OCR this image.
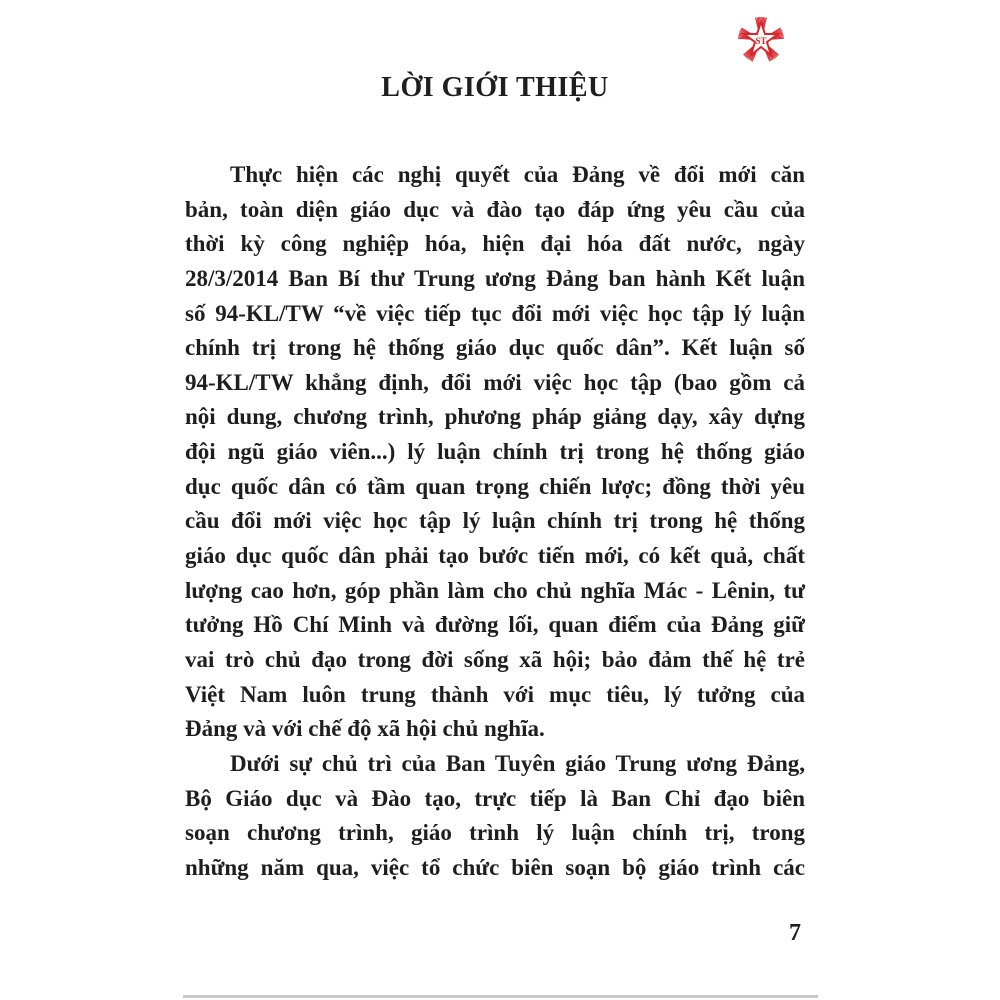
ST
LỜI GIỚI THIỆU
Thực hiện các nghị quyết của Đảng về đổi mới căn
bản, toàn diện giáo dục và đào tạo đáp ứng yêu cầu của
thời kỳ công nghiệp hóa, hiện đại hóa đất nước, ngày
28/3/2014 Ban Bí thư Trung ương Đảng ban hành Kết luận
số 94-KL/TW “về việc tiếp tục đổi mới việc học tập lý luận
chính trị trong hệ thống giáo dục quốc dân”. Kết luận số
94-KL/TW khẳng định, đổi mới việc học tập (bao gồm cả
nội dung, chương trình, phương pháp giảng dạy, xây dựng
đội ngũ giáo viên...) lý luận chính trị trong hệ thống giáo
dục quốc dân có tầm quan trọng chiến lược; đồng thời yêu
cầu đổi mới việc học tập lý luận chính trị trong hệ thống
giáo dục quốc dân phải tạo bước tiến mới, có kết quả, chất
lượng cao hơn, góp phần làm cho chủ nghĩa Mác - Lênin, tư
tưởng Hồ Chí Minh và đường lối, quan điểm của Đảng giữ
vai trò chủ đạo trong đời sống xã hội; bảo đảm thế hệ trẻ
Việt Nam luôn trung thành với mục tiêu, lý tưởng của
Đảng và với chế độ xã hội chủ nghĩa.
Dưới sự chủ trì của Ban Tuyên giáo Trung ương Đảng,
Bộ Giáo dục và Đào tạo, trực tiếp là Ban Chỉ đạo biên
soạn chương trình, giáo trình lý luận chính trị, trong
những năm qua, việc tổ chức biên soạn bộ giáo trình các
7
